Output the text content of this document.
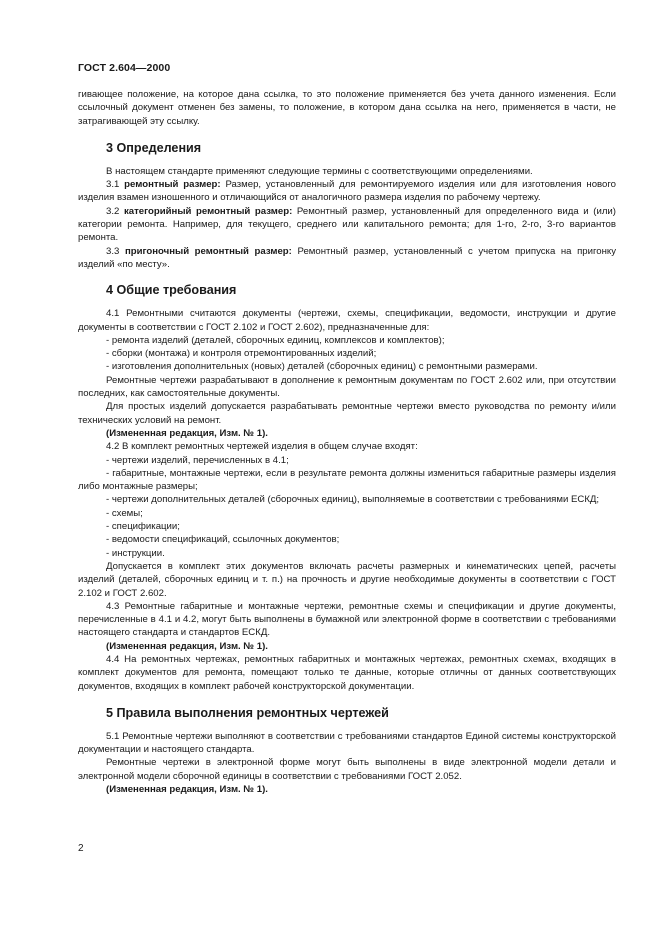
ГОСТ 2.604—2000

гивающее положение, на которое дана ссылка, то это положение применяется без учета данного изменения. Если ссылочный документ отменен без замены, то положение, в котором дана ссылка на него, применяется в части, не затрагивающей эту ссылку.

3 Определения

В настоящем стандарте применяют следующие термины с соответствующими определениями.

3.1 ремонтный размер: Размер, установленный для ремонтируемого изделия или для изготовления нового изделия взамен изношенного и отличающийся от аналогичного размера изделия по рабочему чертежу.

3.2 категорийный ремонтный размер: Ремонтный размер, установленный для определенного вида и (или) категории ремонта. Например, для текущего, среднего или капитального ремонта; для 1-го, 2-го, 3-го вариантов ремонта.

3.3 пригоночный ремонтный размер: Ремонтный размер, установленный с учетом припуска на пригонку изделий «по месту».

4 Общие требования

4.1 Ремонтными считаются документы (чертежи, схемы, спецификации, ведомости, инструкции и другие документы в соответствии с ГОСТ 2.102 и ГОСТ 2.602), предназначенные для:

- ремонта изделий (деталей, сборочных единиц, комплексов и комплектов);

- сборки (монтажа) и контроля отремонтированных изделий;

- изготовления дополнительных (новых) деталей (сборочных единиц) с ремонтными размерами.

Ремонтные чертежи разрабатывают в дополнение к ремонтным документам по ГОСТ 2.602 или, при отсутствии последних, как самостоятельные документы.

Для простых изделий допускается разрабатывать ремонтные чертежи вместо руководства по ремонту и/или технических условий на ремонт.

(Измененная редакция, Изм. № 1).

4.2 В комплект ремонтных чертежей изделия в общем случае входят:

- чертежи изделий, перечисленных в 4.1;

- габаритные, монтажные чертежи, если в результате ремонта должны измениться габаритные размеры изделия либо монтажные размеры;

- чертежи дополнительных деталей (сборочных единиц), выполняемые в соответствии с требованиями ЕСКД;

- схемы;

- спецификации;

- ведомости спецификаций, ссылочных документов;

- инструкции.

Допускается в комплект этих документов включать расчеты размерных и кинематических цепей, расчеты изделий (деталей, сборочных единиц и т. п.) на прочность и другие необходимые документы в соответствии с ГОСТ 2.102 и ГОСТ 2.602.

4.3 Ремонтные габаритные и монтажные чертежи, ремонтные схемы и спецификации и другие документы, перечисленные в 4.1 и 4.2, могут быть выполнены в бумажной или электронной форме в соответствии с требованиями настоящего стандарта и стандартов ЕСКД.

(Измененная редакция, Изм. № 1).

4.4 На ремонтных чертежах, ремонтных габаритных и монтажных чертежах, ремонтных схемах, входящих в комплект документов для ремонта, помещают только те данные, которые отличны от данных соответствующих документов, входящих в комплект рабочей конструкторской документации.

5 Правила выполнения ремонтных чертежей

5.1 Ремонтные чертежи выполняют в соответствии с требованиями стандартов Единой системы конструкторской документации и настоящего стандарта.

Ремонтные чертежи в электронной форме могут быть выполнены в виде электронной модели детали и электронной модели сборочной единицы в соответствии с требованиями ГОСТ 2.052.

(Измененная редакция, Изм. № 1).

2
